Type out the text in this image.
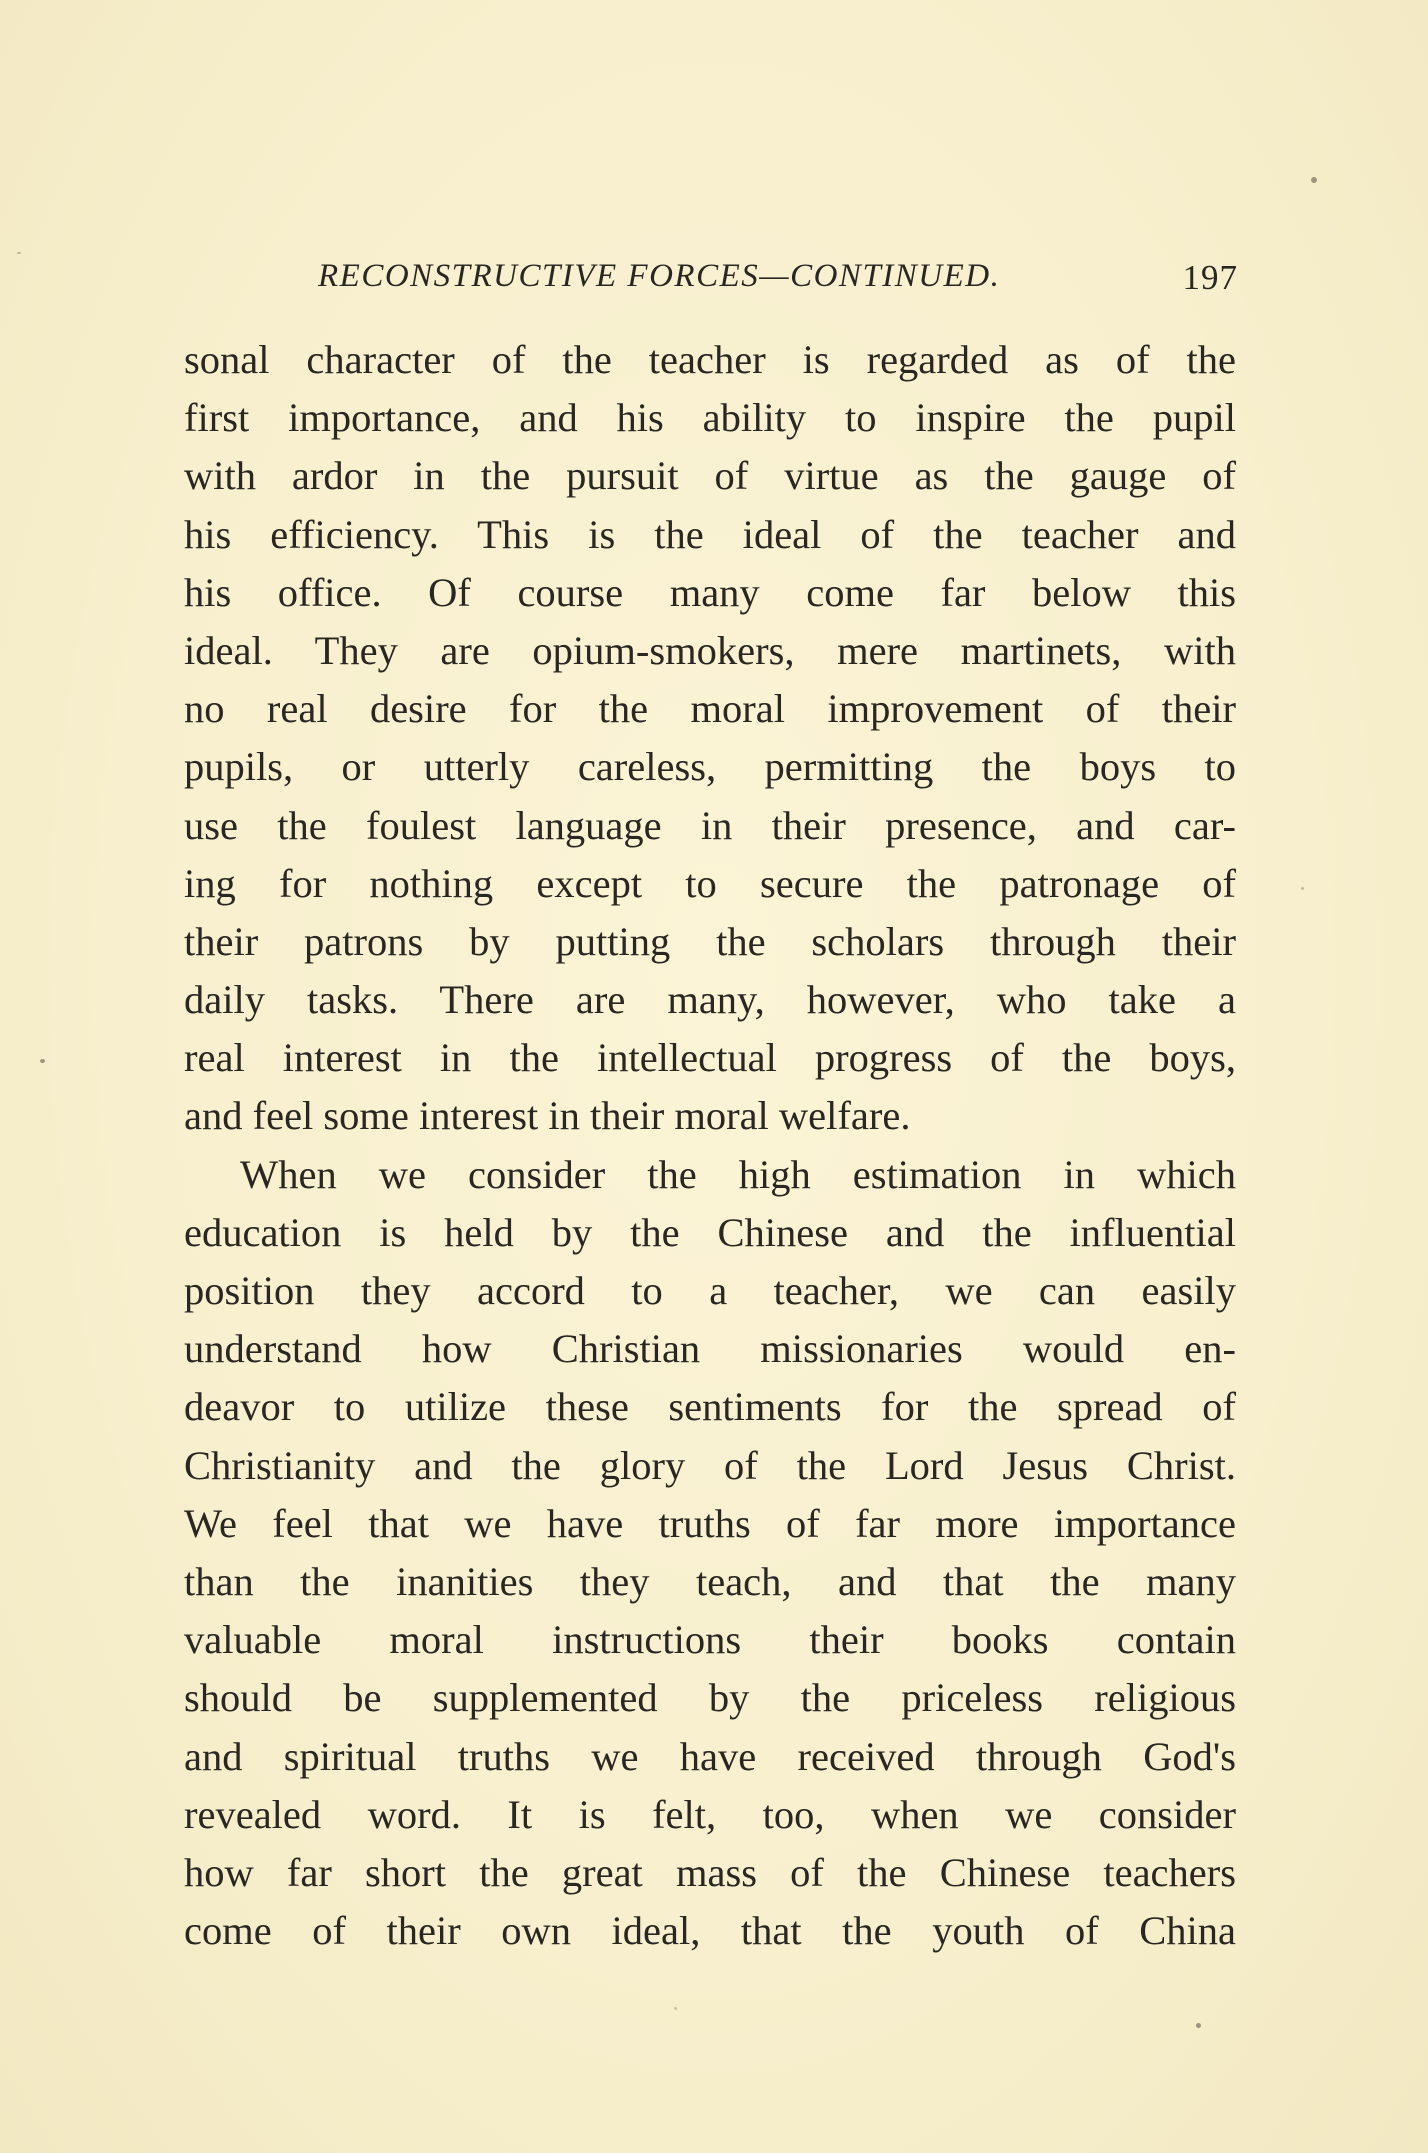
RECONSTRUCTIVE FORCES—CONTINUED.	197
sonal character of the teacher is regarded as of the
first importance, and his ability to inspire the pupil
with ardor in the pursuit of virtue as the gauge of
his efficiency. This is the ideal of the teacher and
his office. Of course many come far below this
ideal. They are opium-smokers, mere martinets, with
no real desire for the moral improvement of their
pupils, or utterly careless, permitting the boys to
use the foulest language in their presence, and car-
ing for nothing except to secure the patronage of
their patrons by putting the scholars through their
daily tasks. There are many, however, who take a
real interest in the intellectual progress of the boys,
and feel some interest in their moral welfare.
When we consider the high estimation in which
education is held by the Chinese and the influential
position they accord to a teacher, we can easily
understand how Christian missionaries would en-
deavor to utilize these sentiments for the spread of
Christianity and the glory of the Lord Jesus Christ.
We feel that we have truths of far more importance
than the inanities they teach, and that the many
valuable moral instructions their books contain
should be supplemented by the priceless religious
and spiritual truths we have received through God's
revealed word. It is felt, too, when we consider
how far short the great mass of the Chinese teachers
come of their own ideal, that the youth of China
